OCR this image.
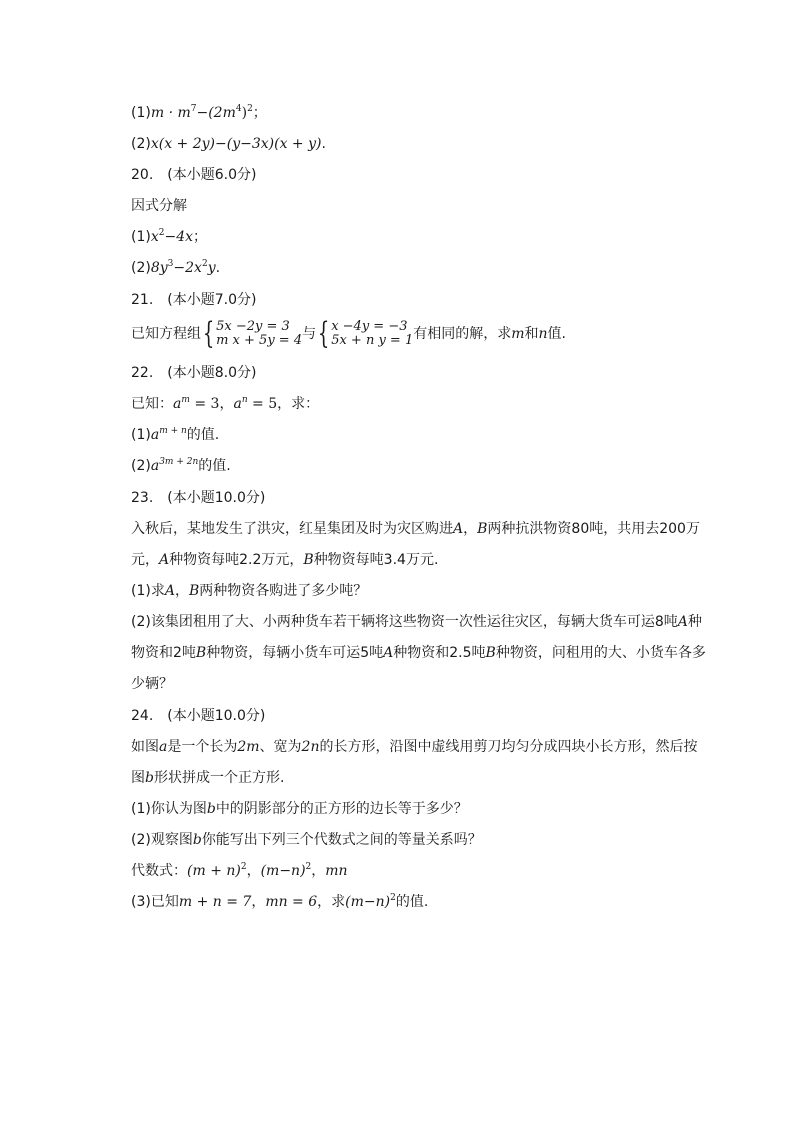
$(1)m \cdot m^7-(2m^4)^2$；
(2)x(x + 2y)−(y−3x)(x + y).
20.　(本小题6.0分)
因式分解
$(1)x^2-4x$；
$(2)8y^3-2x^2y$.
21.　(本小题7.0分)
已知方程组 { 5x −2y = 3
m x + 5y = 4 与 { x −4y = −3
5x + n y = 1 有相同的解，求m和n值.
22.　(本小题8.0分)
已知：$a^m = 3$，$a^n = 5$，求：
$(1)a^{m + n}$的值.
$(2)a^{3m + 2n}$的值.
23.　(本小题10.0分)
入秋后，某地发生了洪灾，红星集团及时为灾区购进A，B两种抗洪物资80吨，共用去200万
元，A种物资每吨2.2万元，B种物资每吨3.4万元.
(1)求A，B两种物资各购进了多少吨？
(2)该集团租用了大、小两种货车若干辆将这些物资一次性运往灾区，每辆大货车可运8吨A种
物资和2吨B种物资，每辆小货车可运5吨A种物资和2.5吨B种物资，问租用的大、小货车各多
少辆？
24.　(本小题10.0分)
如图a是一个长为2m、宽为2n的长方形，沿图中虚线用剪刀均匀分成四块小长方形，然后按
图b形状拼成一个正方形.
(1)你认为图b中的阴影部分的正方形的边长等于多少？
(2)观察图b你能写出下列三个代数式之间的等量关系吗？
代数式：$(m + n)^2$，$(m-n)^2$，mn
(3)已知m + n = 7，mn = 6，求$(m-n)^2$的值.
